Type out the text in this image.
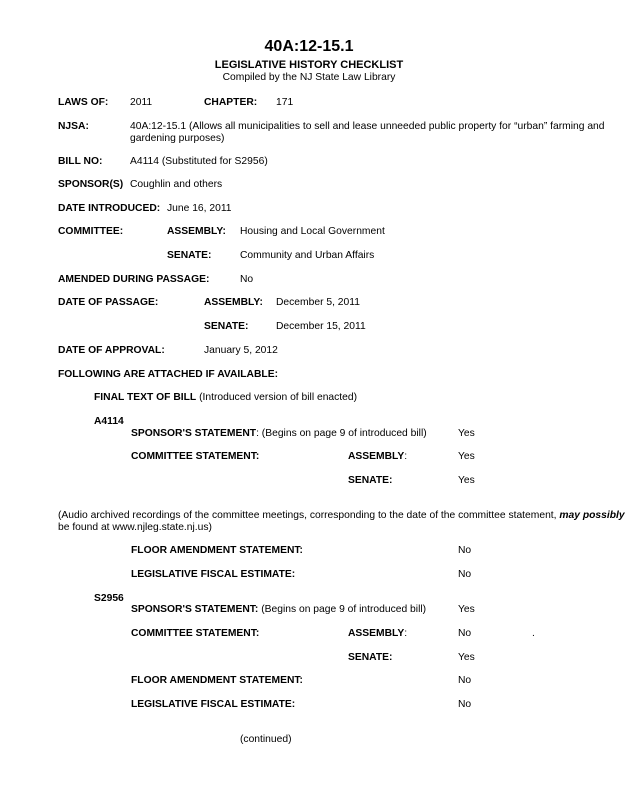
40A:12-15.1
LEGISLATIVE HISTORY CHECKLIST
Compiled by the NJ State Law Library
LAWS OF: 2011	CHAPTER: 171
NJSA:	40A:12-15.1 (Allows all municipalities to sell and lease unneeded public property for “urban” farming and
gardening purposes)
BILL NO:	A4114 (Substituted for S2956)
SPONSOR(S) Coughlin and others
DATE INTRODUCED: June 16, 2011
COMMITTEE:	ASSEMBLY: Housing and Local Government
SENATE:	Community and Urban Affairs
AMENDED DURING PASSAGE:	No
DATE OF PASSAGE:	ASSEMBLY: December 5, 2011
SENATE:	December 15, 2011
DATE OF APPROVAL:	January 5, 2012
FOLLOWING ARE ATTACHED IF AVAILABLE:
FINAL TEXT OF BILL (Introduced version of bill enacted)
A4114
SPONSOR'S STATEMENT: (Begins on page 9 of introduced bill)	Yes
COMMITTEE STATEMENT:	ASSEMBLY:	Yes
SENATE:	Yes
(Audio archived recordings of the committee meetings, corresponding to the date of the committee statement, may possibly
be found at www.njleg.state.nj.us)
FLOOR AMENDMENT STATEMENT:	No
LEGISLATIVE FISCAL ESTIMATE:	No
S2956
SPONSOR'S STATEMENT: (Begins on page 9 of introduced bill)	Yes
COMMITTEE STATEMENT:	ASSEMBLY:	No	.
SENATE:	Yes
FLOOR AMENDMENT STATEMENT:	No
LEGISLATIVE FISCAL ESTIMATE:	No
(continued)
